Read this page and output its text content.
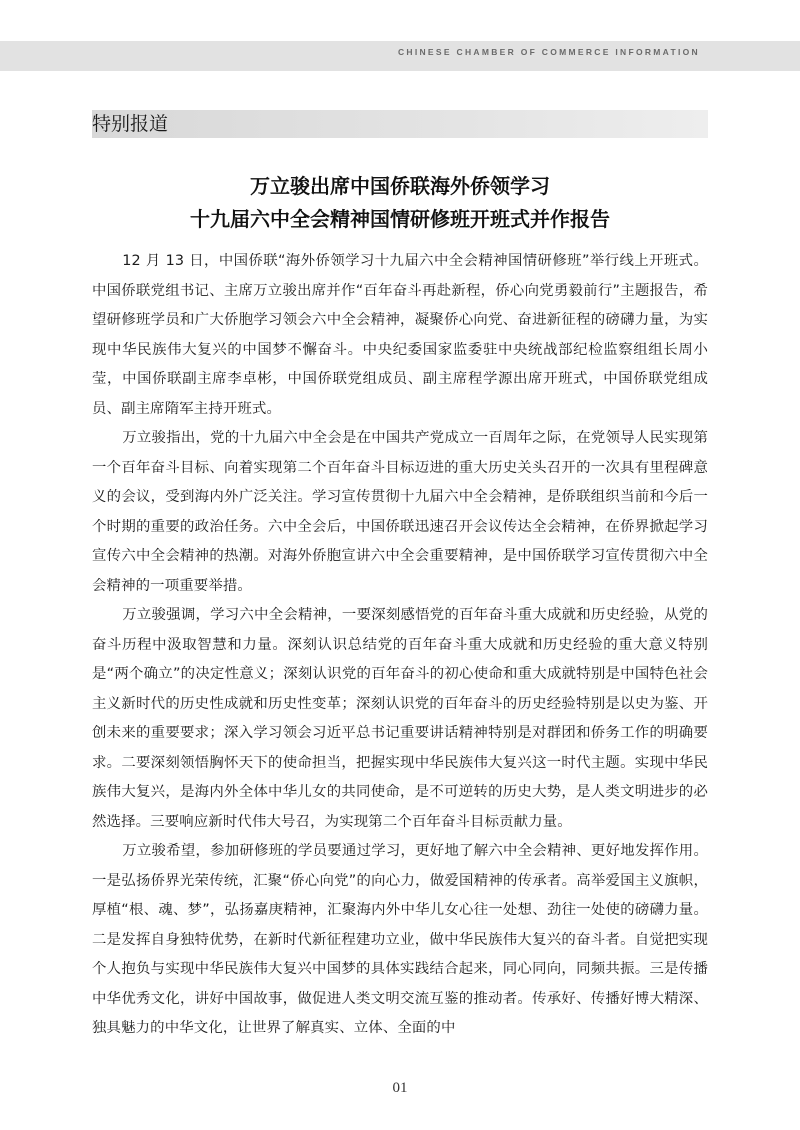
CHINESE CHAMBER OF COMMERCE INFORMATION
特别报道
万立骏出席中国侨联海外侨领学习
十九届六中全会精神国情研修班开班式并作报告

12 月 13 日，中国侨联“海外侨领学习十九届六中全会精神国情研修班”举行线上开班式。中国侨联党组书记、主席万立骏出席并作“百年奋斗再赴新程，侨心向党勇毅前行”主题报告，希望研修班学员和广大侨胞学习领会六中全会精神，凝聚侨心向党、奋进新征程的磅礴力量，为实现中华民族伟大复兴的中国梦不懈奋斗。中央纪委国家监委驻中央统战部纪检监察组组长周小莹，中国侨联副主席李卓彬，中国侨联党组成员、副主席程学源出席开班式，中国侨联党组成员、副主席隋军主持开班式。

万立骏指出，党的十九届六中全会是在中国共产党成立一百周年之际，在党领导人民实现第一个百年奋斗目标、向着实现第二个百年奋斗目标迈进的重大历史关头召开的一次具有里程碑意义的会议，受到海内外广泛关注。学习宣传贯彻十九届六中全会精神，是侨联组织当前和今后一个时期的重要的政治任务。六中全会后，中国侨联迅速召开会议传达全会精神，在侨界掀起学习宣传六中全会精神的热潮。对海外侨胞宣讲六中全会重要精神，是中国侨联学习宣传贯彻六中全会精神的一项重要举措。

万立骏强调，学习六中全会精神，一要深刻感悟党的百年奋斗重大成就和历史经验，从党的奋斗历程中汲取智慧和力量。深刻认识总结党的百年奋斗重大成就和历史经验的重大意义特别是“两个确立”的决定性意义；深刻认识党的百年奋斗的初心使命和重大成就特别是中国特色社会主义新时代的历史性成就和历史性变革；深刻认识党的百年奋斗的历史经验特别是以史为鉴、开创未来的重要要求；深入学习领会习近平总书记重要讲话精神特别是对群团和侨务工作的明确要求。二要深刻领悟胸怀天下的使命担当，把握实现中华民族伟大复兴这一时代主题。实现中华民族伟大复兴，是海内外全体中华儿女的共同使命，是不可逆转的历史大势，是人类文明进步的必然选择。三要响应新时代伟大号召，为实现第二个百年奋斗目标贡献力量。

万立骏希望，参加研修班的学员要通过学习，更好地了解六中全会精神、更好地发挥作用。一是弘扬侨界光荣传统，汇聚“侨心向党”的向心力，做爱国精神的传承者。高举爱国主义旗帜，厚植“根、魂、梦”，弘扬嘉庚精神，汇聚海内外中华儿女心往一处想、劲往一处使的磅礴力量。二是发挥自身独特优势，在新时代新征程建功立业，做中华民族伟大复兴的奋斗者。自觉把实现个人抱负与实现中华民族伟大复兴中国梦的具体实践结合起来，同心同向，同频共振。三是传播中华优秀文化，讲好中国故事，做促进人类文明交流互鉴的推动者。传承好、传播好博大精深、独具魅力的中华文化，让世界了解真实、立体、全面的中

01
